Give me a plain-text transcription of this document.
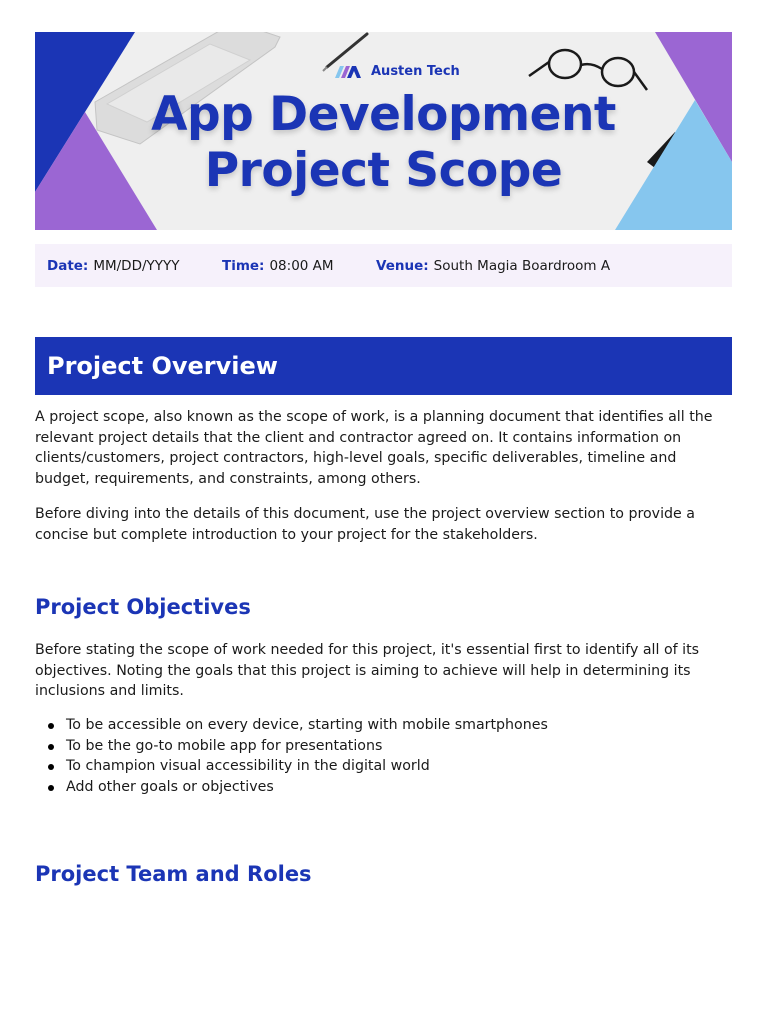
Austen Tech
App Development
Project Scope
Date: MM/DD/YYYY	Time: 08:00 AM	Venue: South Magia Boardroom A
Project Overview

A project scope, also known as the scope of work, is a planning document that identifies all the relevant project details that the client and contractor agreed on. It contains information on clients/customers, project contractors, high-level goals, specific deliverables, timeline and budget, requirements, and constraints, among others.

Before diving into the details of this document, use the project overview section to provide a concise but complete introduction to your project for the stakeholders.

Project Objectives

Before stating the scope of work needed for this project, it's essential first to identify all of its objectives. Noting the goals that this project is aiming to achieve will help in determining its inclusions and limits.

To be accessible on every device, starting with mobile smartphones
To be the go-to mobile app for presentations
To champion visual accessibility in the digital world
Add other goals or objectives
Project Team and Roles
